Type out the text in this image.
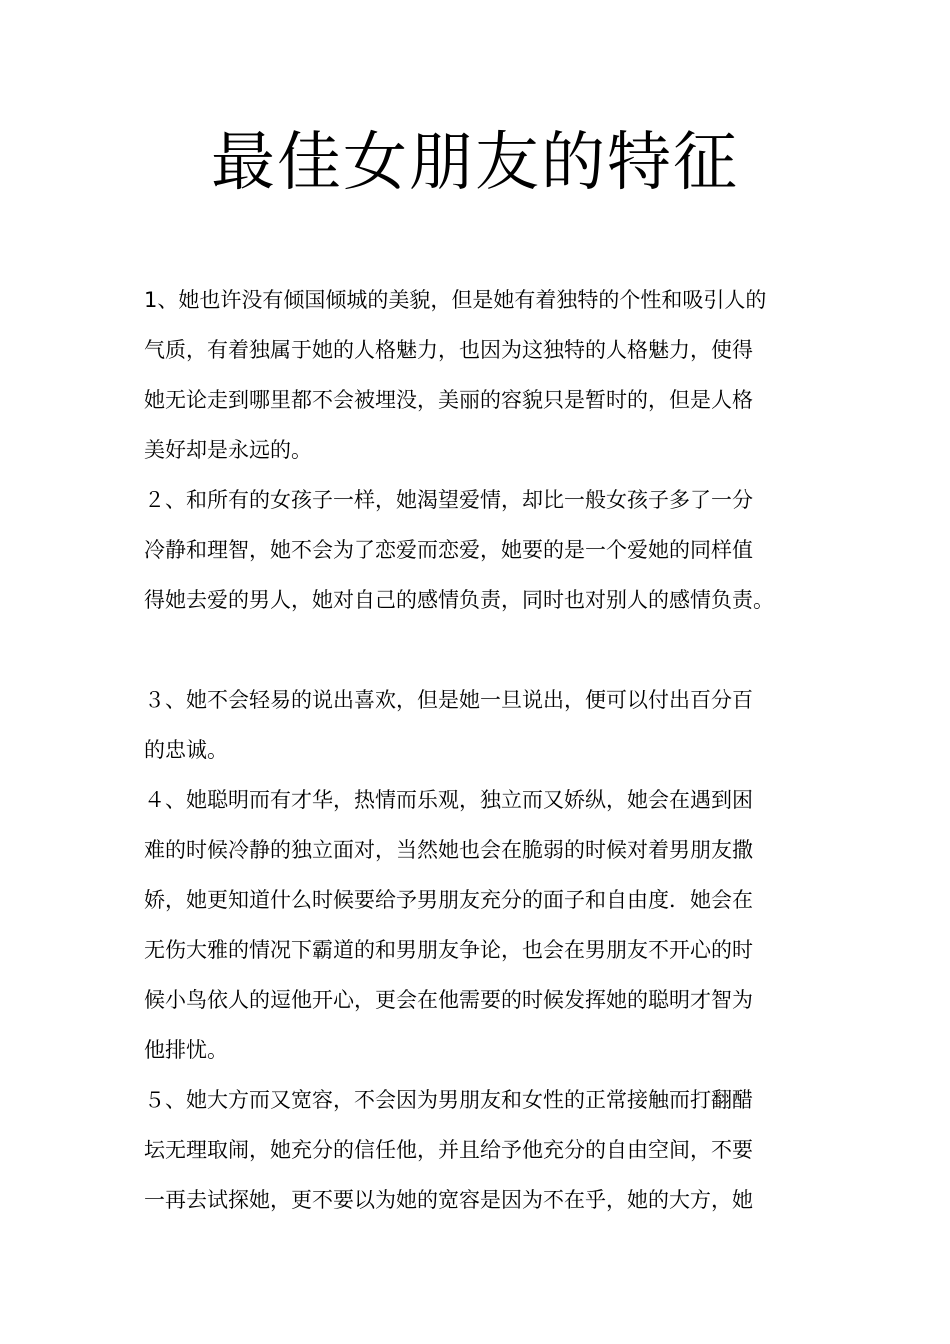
最佳女朋友的特征
1、她也许没有倾国倾城的美貌，但是她有着独特的个性和吸引人的
气质，有着独属于她的人格魅力，也因为这独特的人格魅力，使得
她无论走到哪里都不会被埋没，美丽的容貌只是暂时的，但是人格
美好却是永远的。
２、和所有的女孩子一样，她渴望爱情，却比一般女孩子多了一分
冷静和理智，她不会为了恋爱而恋爱，她要的是一个爱她的同样值
得她去爱的男人，她对自己的感情负责，同时也对别人的感情负责。
３、她不会轻易的说出喜欢，但是她一旦说出，便可以付出百分百
的忠诚。
４、她聪明而有才华，热情而乐观，独立而又娇纵，她会在遇到困
难的时候冷静的独立面对，当然她也会在脆弱的时候对着男朋友撒
娇，她更知道什么时候要给予男朋友充分的面子和自由度．她会在
无伤大雅的情况下霸道的和男朋友争论，也会在男朋友不开心的时
候小鸟依人的逗他开心，更会在他需要的时候发挥她的聪明才智为
他排忧。
５、她大方而又宽容，不会因为男朋友和女性的正常接触而打翻醋
坛无理取闹，她充分的信任他，并且给予他充分的自由空间，不要
一再去试探她，更不要以为她的宽容是因为不在乎，她的大方，她
